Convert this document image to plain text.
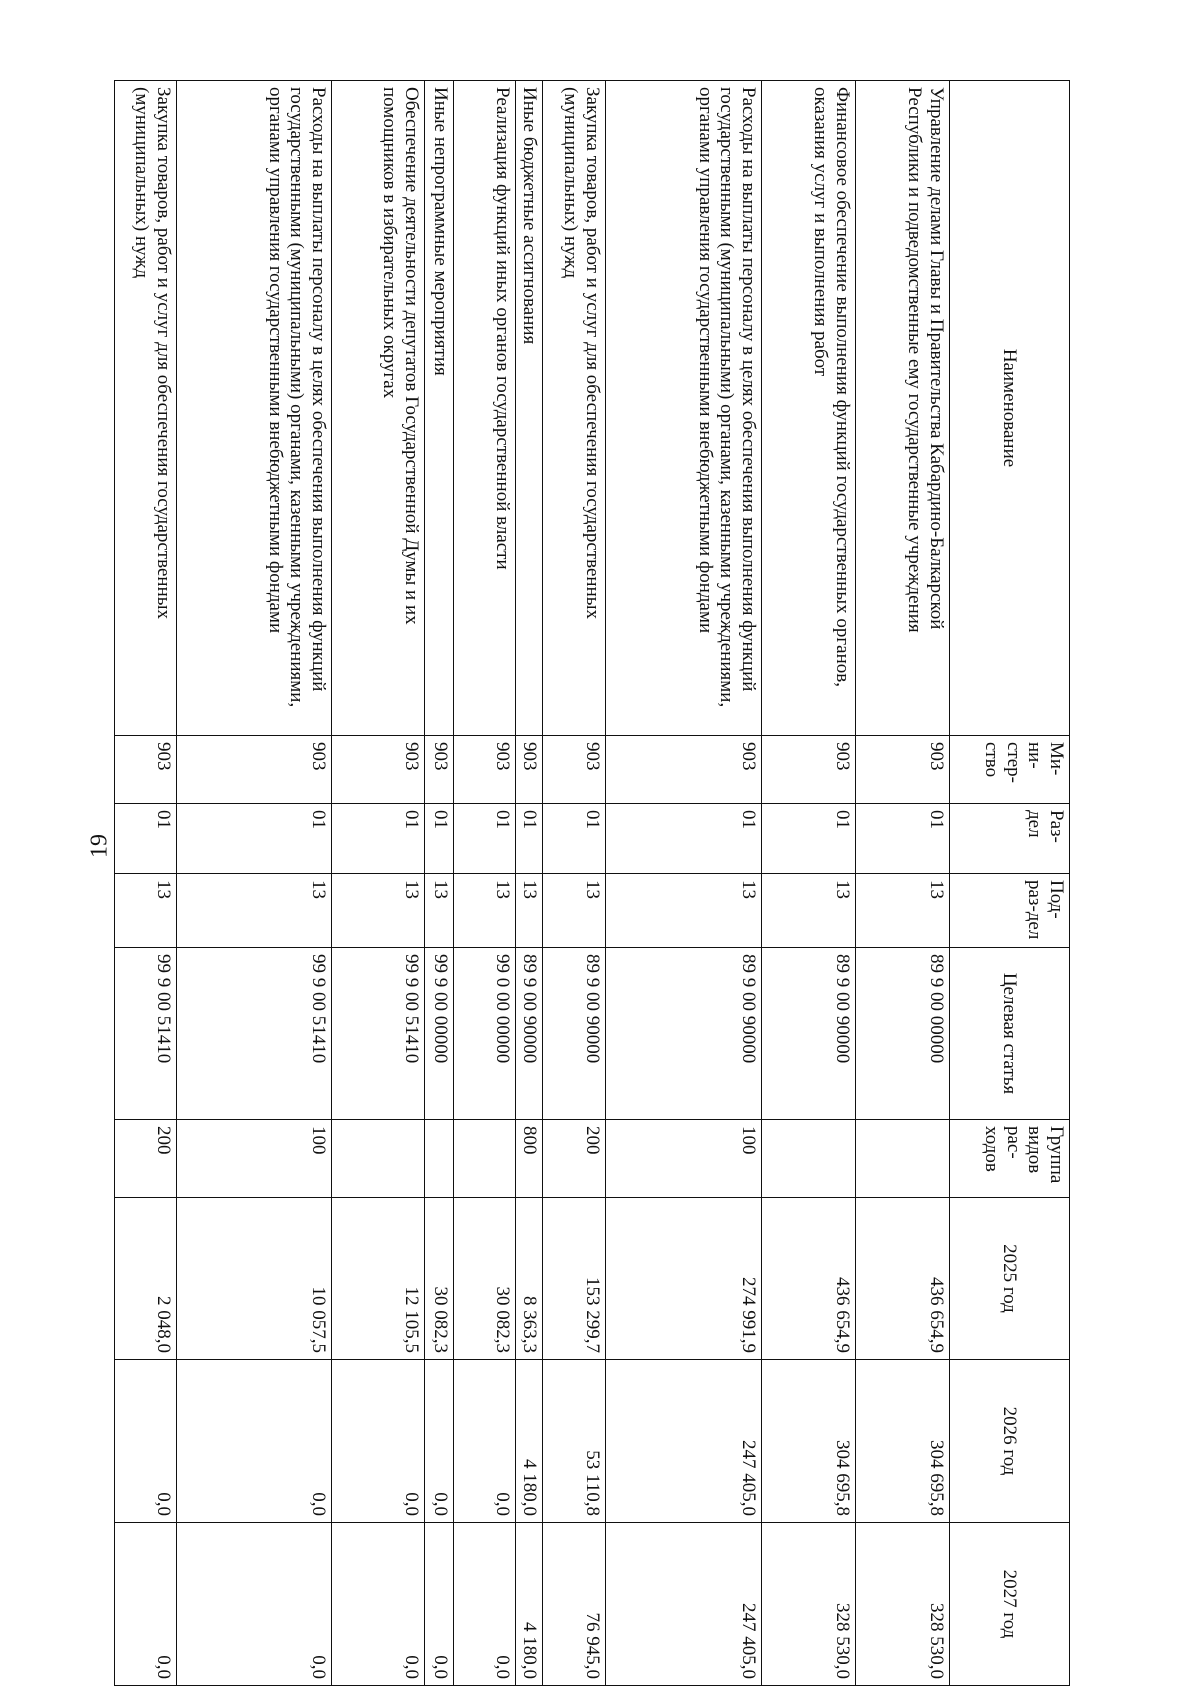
19
Наименование	Ми-ни-стер-ство	Раз-дел	Под-раз-дел	Целевая статья	Группа видов рас-ходов	2025 год	2026 год	2027 год
Управление делами Главы и Правительства Кабардино-Балкарской Республики и подведомственные ему государственные учреждения	903	01	13	89 9 00 00000		436 654,9	304 695,8	328 530,0
Финансовое обеспечение выполнения функций государственных органов, оказания услуг и выполнения работ	903	01	13	89 9 00 90000		436 654,9	304 695,8	328 530,0
Расходы на выплаты персоналу в целях обеспечения выполнения функций государственными (муниципальными) органами, казенными учреждениями, органами управления государственными внебюджетными фондами	903	01	13	89 9 00 90000	100	274 991,9	247 405,0	247 405,0
Закупка товаров, работ и услуг для обеспечения государственных (муниципальных) нужд	903	01	13	89 9 00 90000	200	153 299,7	53 110,8	76 945,0
Иные бюджетные ассигнования	903	01	13	89 9 00 90000	800	8 363,3	4 180,0	4 180,0
Реализация функций иных органов государственной власти	903	01	13	99 0 00 00000		30 082,3	0,0	0,0
Иные непрограммные мероприятия	903	01	13	99 9 00 00000		30 082,3	0,0	0,0
Обеспечение деятельности депутатов Государственной Думы и их помощников в избирательных округах	903	01	13	99 9 00 51410		12 105,5	0,0	0,0
Расходы на выплаты персоналу в целях обеспечения выполнения функций государственными (муниципальными) органами, казенными учреждениями, органами управления государственными внебюджетными фондами	903	01	13	99 9 00 51410	100	10 057,5	0,0	0,0
Закупка товаров, работ и услуг для обеспечения государственных (муниципальных) нужд	903	01	13	99 9 00 51410	200	2 048,0	0,0	0,0
